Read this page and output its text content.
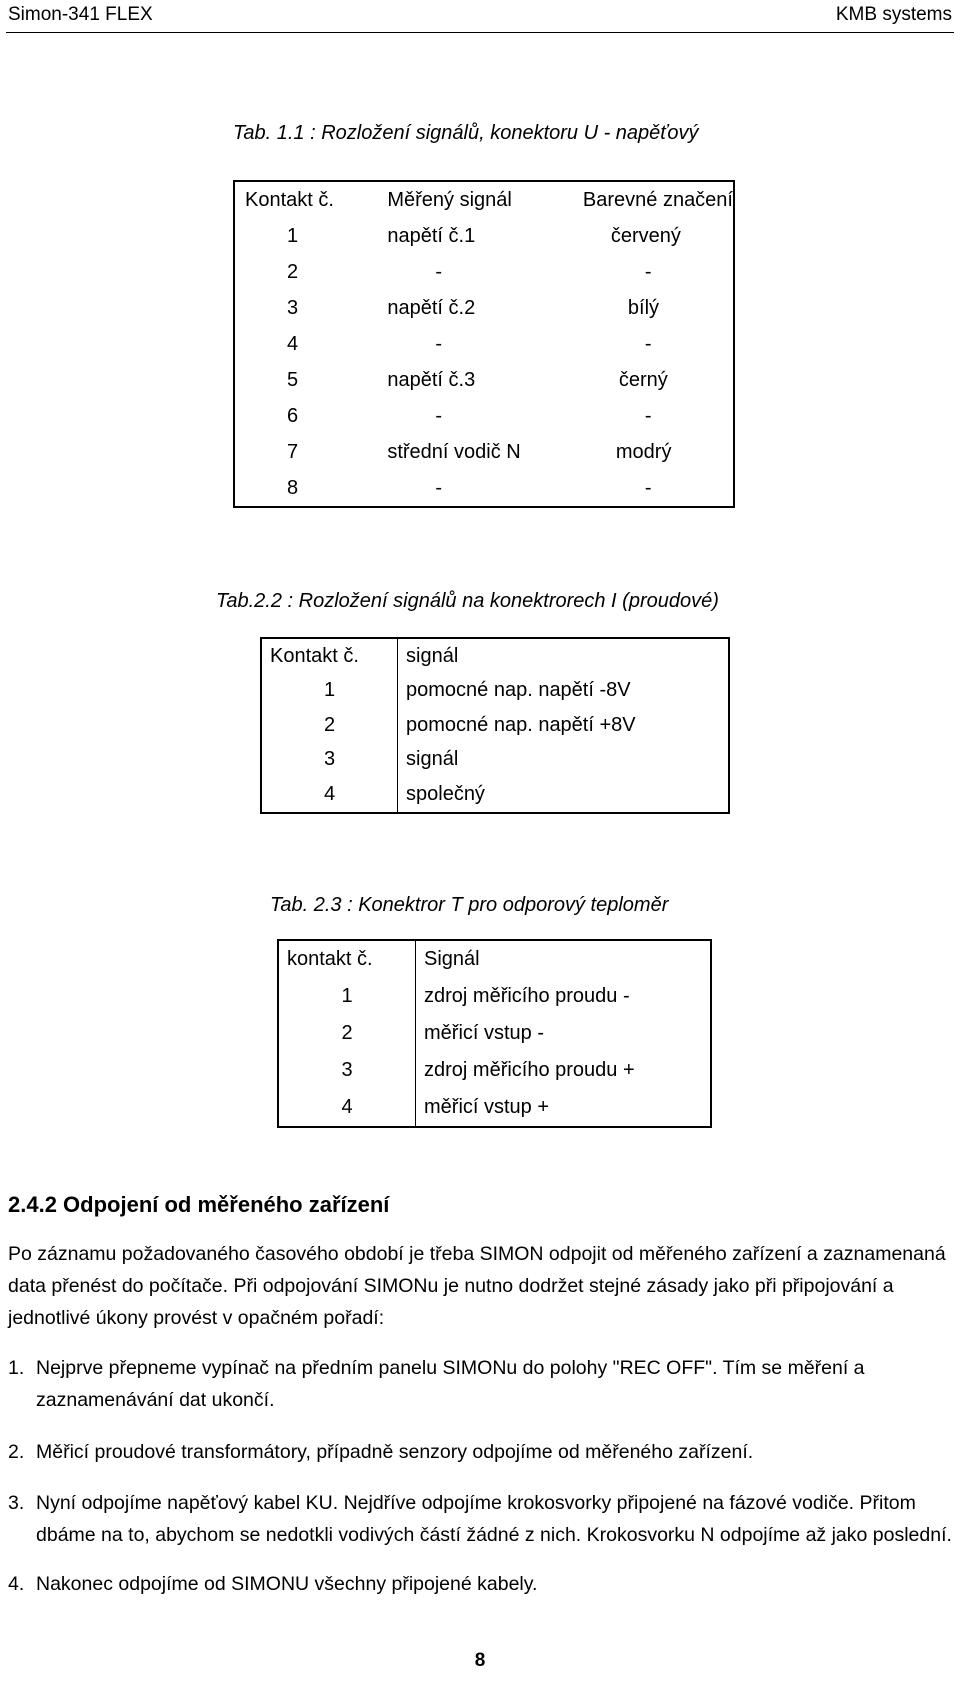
Simon-341 FLEX	KMB systems
Tab. 1.1 : Rozložení signálů, konektoru U - napěťový
Kontakt č.	Měřený signál	Barevné značení
1	napětí č.1	červený
2	-	-
3	napětí č.2	bílý
4	-	-
5	napětí č.3	černý
6	-	-
7	střední vodič N	modrý
8	-	-
Tab.2.2 : Rozložení signálů na konektrorech I (proudové)
Kontakt č.	signál
1	pomocné nap. napětí -8V
2	pomocné nap. napětí +8V
3	signál
4	společný
Tab. 2.3 : Konektror T pro odporový teploměr
kontakt č.	Signál
1	zdroj měřicího proudu -
2	měřicí vstup -
3	zdroj měřicího proudu +
4	měřicí vstup +
2.4.2 Odpojení od měřeného zařízení

Po záznamu požadovaného časového období je třeba SIMON odpojit od měřeného zařízení a zaznamenaná data přenést do počítače. Při odpojování SIMONu je nutno dodržet stejné zásady jako při připojování a jednotlivé úkony provést v opačném pořadí:

1. Nejprve přepneme vypínač na předním panelu SIMONu do polohy "REC OFF". Tím se měření a zaznamenávání dat ukončí.
2. Měřicí proudové transformátory, případně senzory odpojíme od měřeného zařízení.
3. Nyní odpojíme napěťový kabel KU. Nejdříve odpojíme krokosvorky připojené na fázové vodiče. Přitom dbáme na to, abychom se nedotkli vodivých částí žádné z nich. Krokosvorku N odpojíme až jako poslední.
4. Nakonec odpojíme od SIMONU všechny připojené kabely.
8
